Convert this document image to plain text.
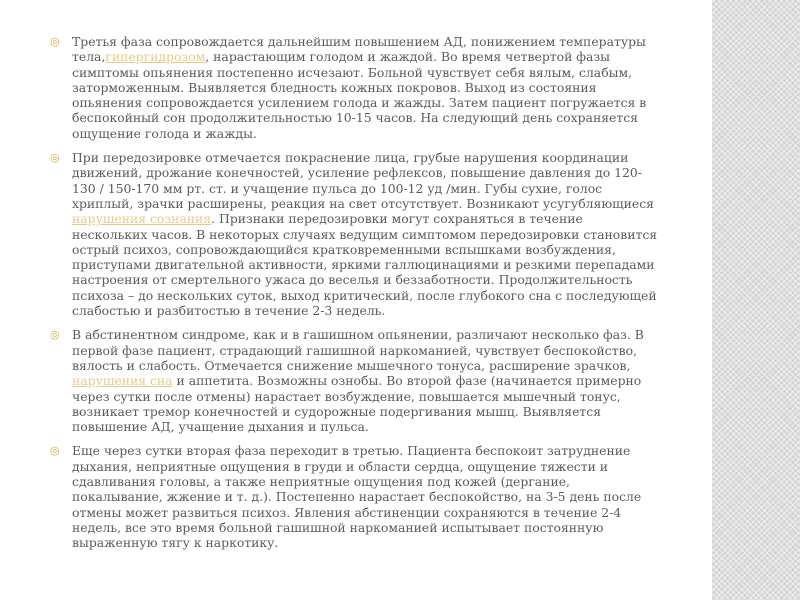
◎ Третья фаза сопровождается дальнейшим повышением АД, понижением температуры тела,гипергидрозом, нарастающим голодом и жаждой. Во время четвертой фазы симптомы опьянения постепенно исчезают. Больной чувствует себя вялым, слабым, заторможенным. Выявляется бледность кожных покровов. Выход из состояния опьянения сопровождается усилением голода и жажды. Затем пациент погружается в беспокойный сон продолжительностью 10-15 часов. На следующий день сохраняется ощущение голода и жажды.

◎ При передозировке отмечается покраснение лица, грубые нарушения координации движений, дрожание конечностей, усиление рефлексов, повышение давления до 120-130 / 150-170 мм рт. ст. и учащение пульса до 100-12 уд /мин. Губы сухие, голос хриплый, зрачки расширены, реакция на свет отсутствует. Возникают усугубляющиеся нарушения сознания. Признаки передозировки могут сохраняться в течение нескольких часов. В некоторых случаях ведущим симптомом передозировки становится острый психоз, сопровождающийся кратковременными вспышками возбуждения, приступами двигательной активности, яркими галлюцинациями и резкими перепадами настроения от смертельного ужаса до веселья и беззаботности. Продолжительность психоза – до нескольких суток, выход критический, после глубокого сна с последующей слабостью и разбитостью в течение 2-3 недель.

◎ В абстинентном синдроме, как и в гашишном опьянении, различают несколько фаз. В первой фазе пациент, страдающий гашишной наркоманией, чувствует беспокойство, вялость и слабость. Отмечается снижение мышечного тонуса, расширение зрачков, нарушения сна и аппетита. Возможны ознобы. Во второй фазе (начинается примерно через сутки после отмены) нарастает возбуждение, повышается мышечный тонус, возникает тремор конечностей и судорожные подергивания мышц. Выявляется повышение АД, учащение дыхания и пульса.

◎ Еще через сутки вторая фаза переходит в третью. Пациента беспокоит затруднение дыхания, неприятные ощущения в груди и области сердца, ощущение тяжести и сдавливания головы, а также неприятные ощущения под кожей (дергание, покалывание, жжение и т. д.). Постепенно нарастает беспокойство, на 3-5 день после отмены может развиться психоз. Явления абстиненции сохраняются в течение 2-4 недель, все это время больной гашишной наркоманией испытывает постоянную выраженную тягу к наркотику.
